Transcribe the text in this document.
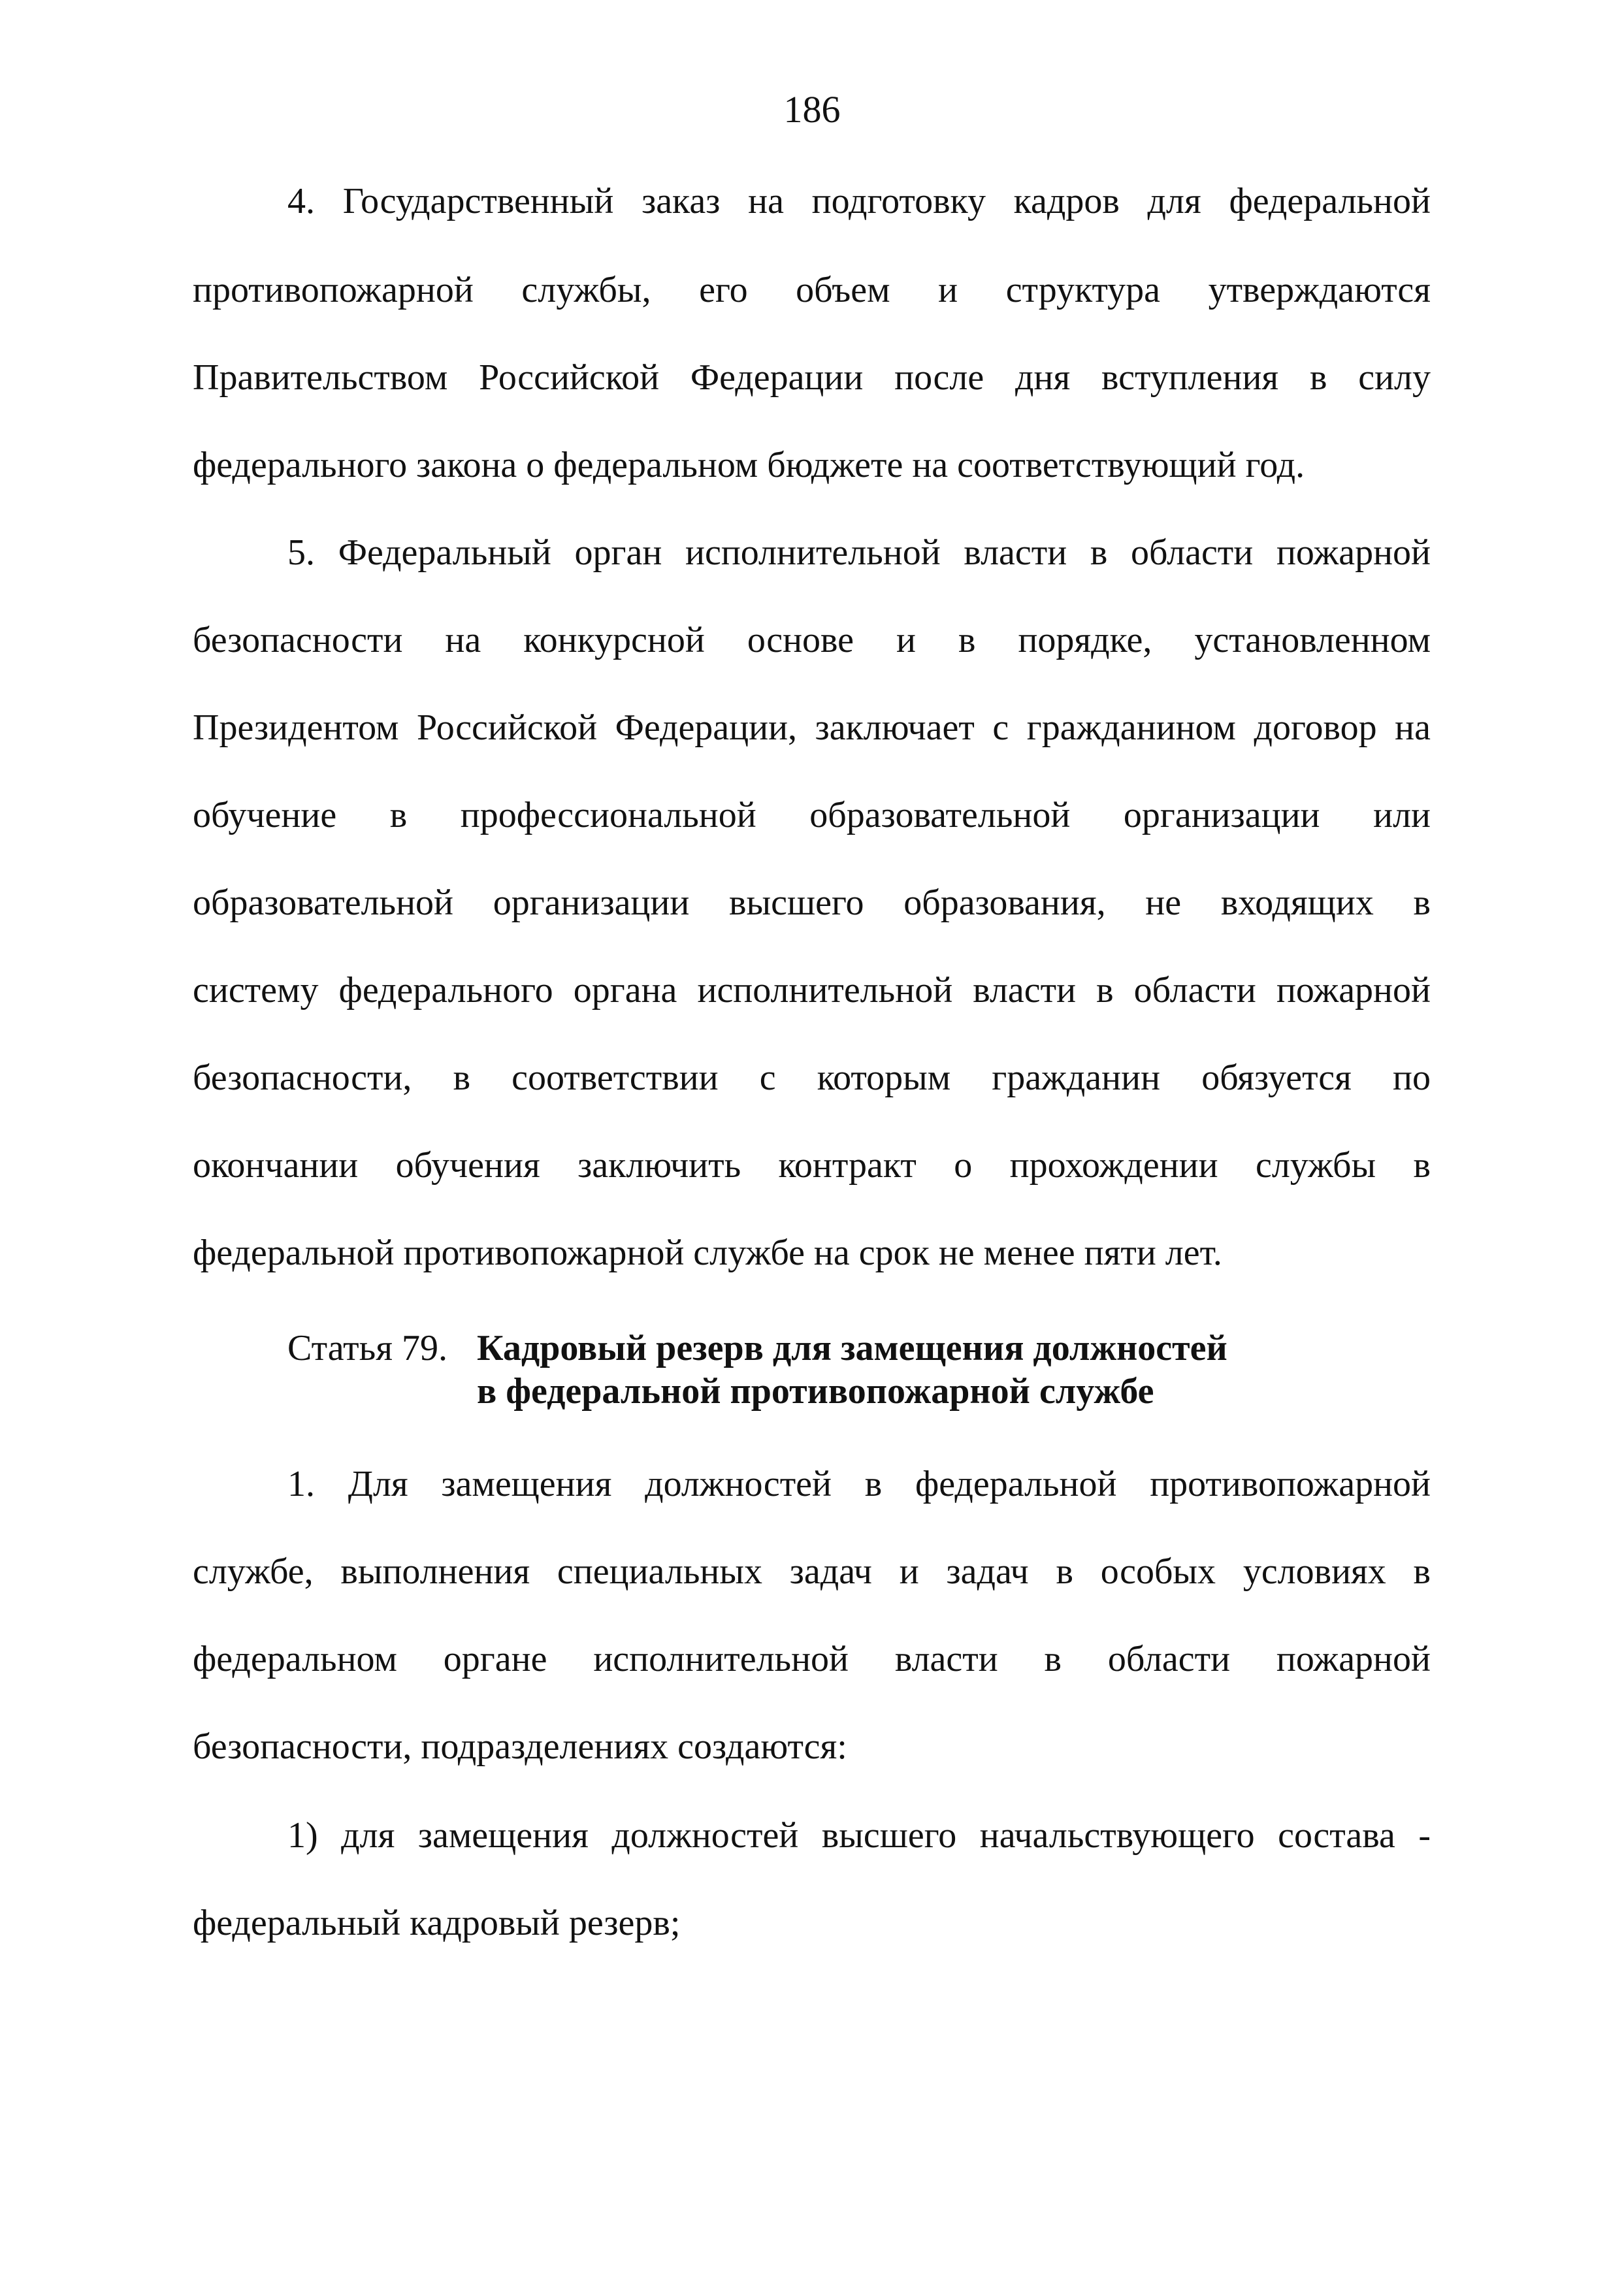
186
4. Государственный заказ на подготовку кадров для федеральной
противопожарной службы, его объем и структура утверждаются
Правительством Российской Федерации после дня вступления в силу
федерального закона о федеральном бюджете на соответствующий год.
5. Федеральный орган исполнительной власти в области пожарной
безопасности на конкурсной основе и в порядке, установленном
Президентом Российской Федерации, заключает с гражданином договор на
обучение в профессиональной образовательной организации или
образовательной организации высшего образования, не входящих в
систему федерального органа исполнительной власти в области пожарной
безопасности, в соответствии с которым гражданин обязуется по
окончании обучения заключить контракт о прохождении службы в
федеральной противопожарной службе на срок не менее пяти лет.
Статья 79. Кадровый резерв для замещения должностей
в федеральной противопожарной службе
1. Для замещения должностей в федеральной противопожарной
службе, выполнения специальных задач и задач в особых условиях в
федеральном органе исполнительной власти в области пожарной
безопасности, подразделениях создаются:
1) для замещения должностей высшего начальствующего состава -
федеральный кадровый резерв;
